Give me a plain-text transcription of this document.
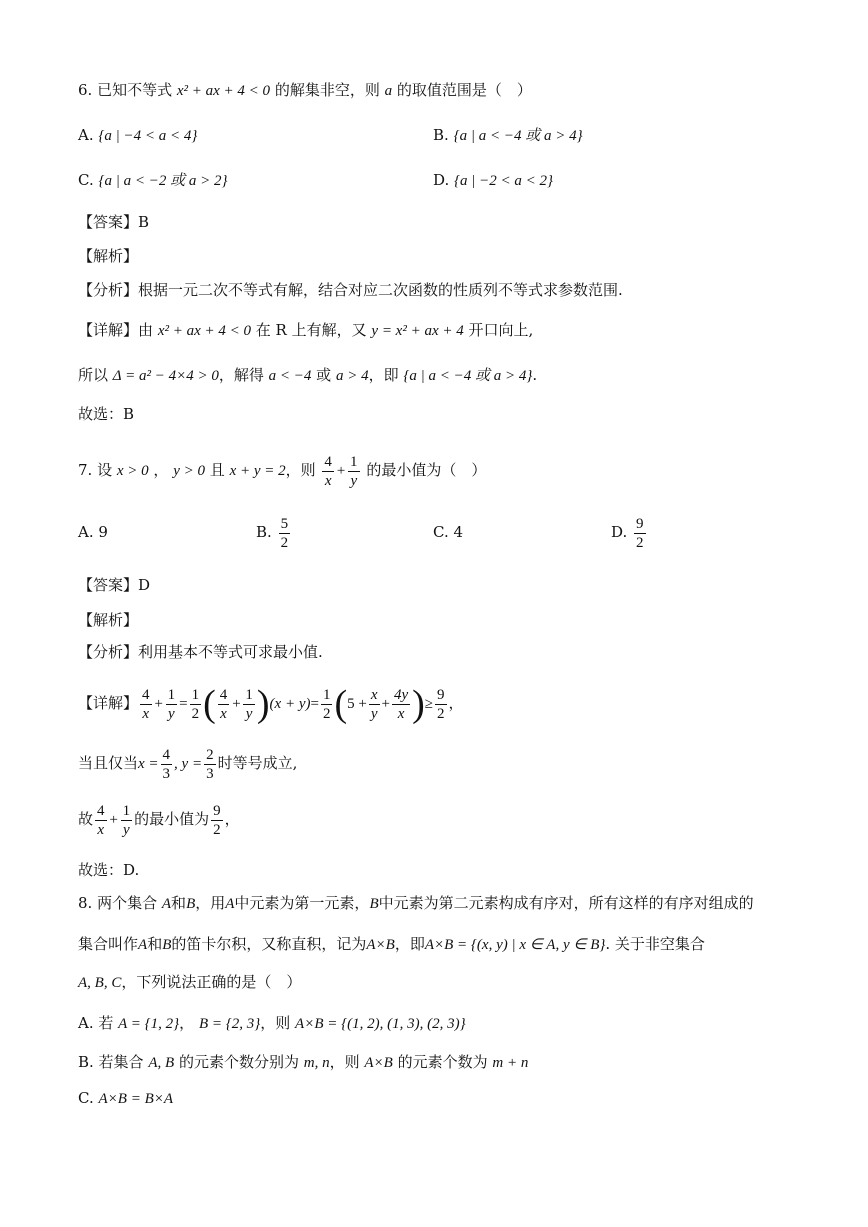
6. 已知不等式 x² + ax + 4 < 0 的解集非空，则 a 的取值范围是（　）
A. {a | −4 < a < 4}	B. {a | a < −4 或 a > 4}
C. {a | a < −2 或 a > 2}	D. {a | −2 < a < 2}
【答案】B
【解析】
【分析】根据一元二次不等式有解，结合对应二次函数的性质列不等式求参数范围.
【详解】由 x² + ax + 4 < 0 在 R 上有解，又 y = x² + ax + 4 开口向上,
所以 Δ = a² − 4×4 > 0，解得 a < −4 或 a > 4，即 {a | a < −4 或 a > 4}.
故选：B
7. 设 x > 0 ， y > 0 且 x + y = 2，则 $\frac{4}{x} + \frac{1}{y}$ 的最小值为（　）
A. 9	B. $\frac{5}{2}$	C. 4	D. $\frac{9}{2}$
【答案】D
【解析】
【分析】利用基本不等式可求最小值.
【详解】 $\frac{4}{x} + \frac{1}{y} = \frac{1}{2}$ ( $\frac{4}{x} + \frac{1}{y} )(x + y)= \frac{1}{2} (5 + \frac{x}{y} + \frac{4y}{x}$ )≥ $\frac{9}{2}$ ，
当且仅当$x = \frac{4}{3}$ , $y = \frac{2}{3}$ 时等号成立,
故 $\frac{4}{x} + \frac{1}{y}$ 的最小值为 $\frac{9}{2}$ ，
故选：D.
8. 两个集合 A和B，用A中元素为第一元素，B中元素为第二元素构成有序对，所有这样的有序对组成的
集合叫作A和B的笛卡尔积，又称直积，记为A×B，即A×B = {(x, y) | x ∈ A, y ∈ B}. 关于非空集合
A, B, C，下列说法正确的是（　）
A. 若 A = {1, 2}， B = {2, 3}，则 A×B = {(1, 2), (1, 3), (2, 3)}
B. 若集合 A, B 的元素个数分别为 m, n，则 A×B 的元素个数为 m + n
C. A×B = B×A
